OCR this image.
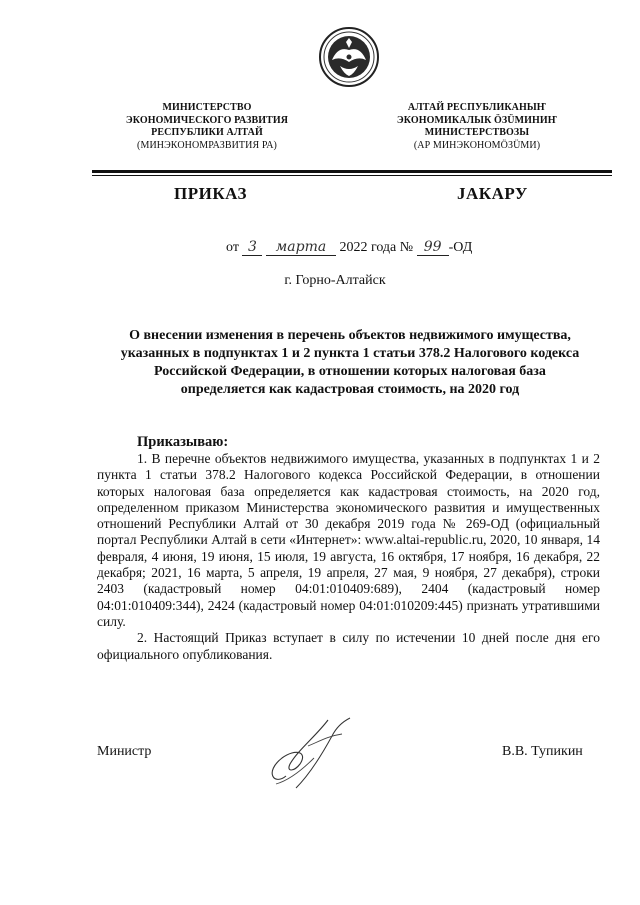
МИНИСТЕРСТВО
ЭКОНОМИЧЕСКОГО РАЗВИТИЯ
РЕСПУБЛИКИ АЛТАЙ
(МИНЭКОНОМРАЗВИТИЯ РА)
АЛТАЙ РЕСПУБЛИКАНЫҤ
ЭКОНОМИКАЛЫК ÖЗÜМИНИҤ
МИНИСТЕРСТВОЗЫ
(АР МИНЭКОНОМÖЗÜМИ)
ПРИКАЗ	JАКАРУ
от 3 марта 2022 года № 99 -ОД
г. Горно-Алтайск
О внесении изменения в перечень объектов недвижимого имущества,
указанных в подпунктах 1 и 2 пункта 1 статьи 378.2 Налогового кодекса
Российской Федерации, в отношении которых налоговая база
определяется как кадастровая стоимость, на 2020 год
Приказываю:

1. В перечне объектов недвижимого имущества, указанных в подпунктах 1 и 2 пункта 1 статьи 378.2 Налогового кодекса Российской Федерации, в отношении которых налоговая база определяется как кадастровая стоимость, на 2020 год, определенном приказом Министерства экономического развития и имущественных отношений Республики Алтай от 30 декабря 2019 года № 269-ОД (официальный портал Республики Алтай в сети «Интернет»: www.altai-republic.ru, 2020, 10 января, 14 февраля, 4 июня, 19 июня, 15 июля, 19 августа, 16 октября, 17 ноября, 16 декабря, 22 декабря; 2021, 16 марта, 5 апреля, 19 апреля, 27 мая, 9 ноября, 27 декабря), строки 2403 (кадастровый номер 04:01:010409:689), 2404 (кадастровый номер 04:01:010409:344), 2424 (кадастровый номер 04:01:010209:445) признать утратившими силу.

2. Настоящий Приказ вступает в силу по истечении 10 дней после дня его официального опубликования.

Министр	В.В. Тупикин
